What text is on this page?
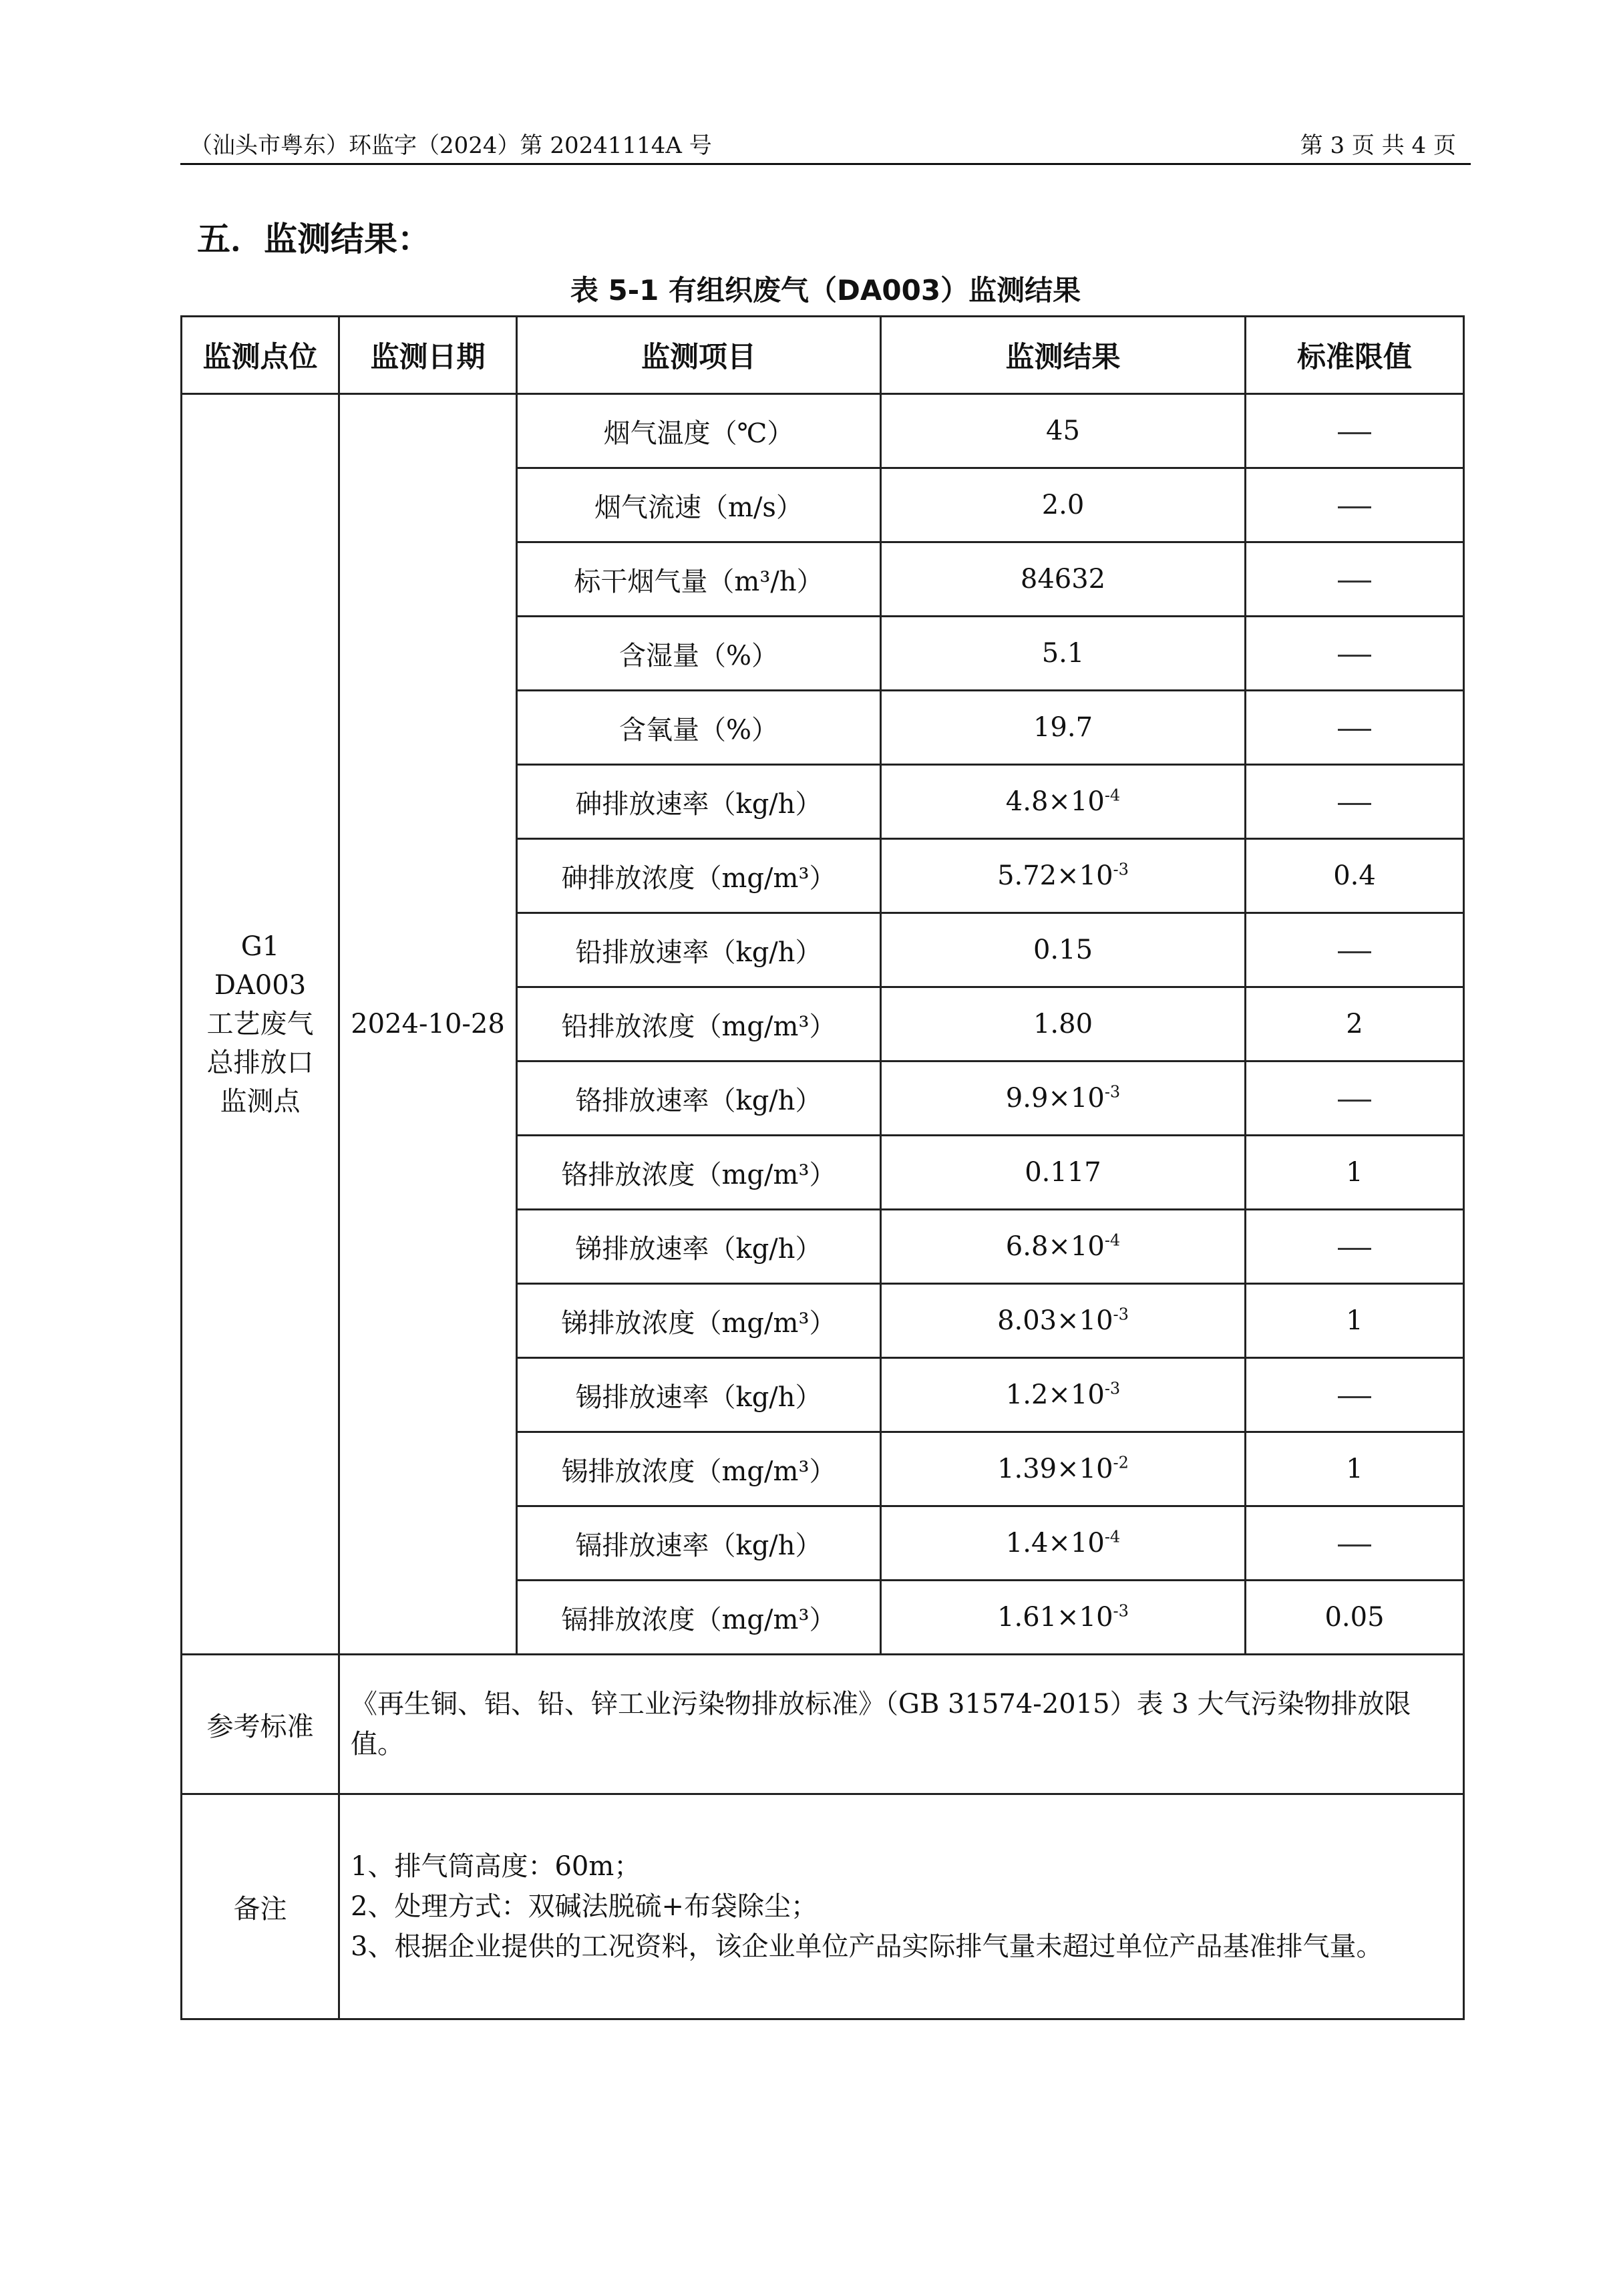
（汕头市粤东）环监字（2024）第 20241114A 号	第 3 页 共 4 页
五．监测结果：
表 5-1 有组织废气（DA003）监测结果
监测点位	监测日期	监测项目	监测结果	标准限值

G1
DA003
工艺废气
总排放口
监测点	2024-10-28	烟气温度（℃）	45	
		烟气流速（m/s）	2.0	
		标干烟气量（m³/h）	84632	
		含湿量（%）	5.1	
		含氧量（%）	19.7	
		砷排放速率（kg/h）	$4.8\times 10^{-4}$	
		砷排放浓度（mg/m³）	$5.72\times 10^{-3}$	0.4
		铅排放速率（kg/h）	0.15	
		铅排放浓度（mg/m³）	1.80	2
		铬排放速率（kg/h）	$9.9\times 10^{-3}$	
		铬排放浓度（mg/m³）	0.117	1
		锑排放速率（kg/h）	$6.8\times 10^{-4}$	
		锑排放浓度（mg/m³）	$8.03\times 10^{-3}$	1
		锡排放速率（kg/h）	$1.2\times 10^{-3}$	
		锡排放浓度（mg/m³）	$1.39\times 10^{-2}$	1
		镉排放速率（kg/h）	$1.4\times 10^{-4}$	
		镉排放浓度（mg/m³）	$1.61\times 10^{-3}$	0.05
参考标准	《再生铜、铝、铅、锌工业污染物排放标准》（GB 31574-2015）表 3 大气污染物排放限值。			
备注	1、排气筒高度：60m；
2、处理方式：双碱法脱硫+布袋除尘；
3、根据企业提供的工况资料，该企业单位产品实际排气量未超过单位产品基准排气量。			
